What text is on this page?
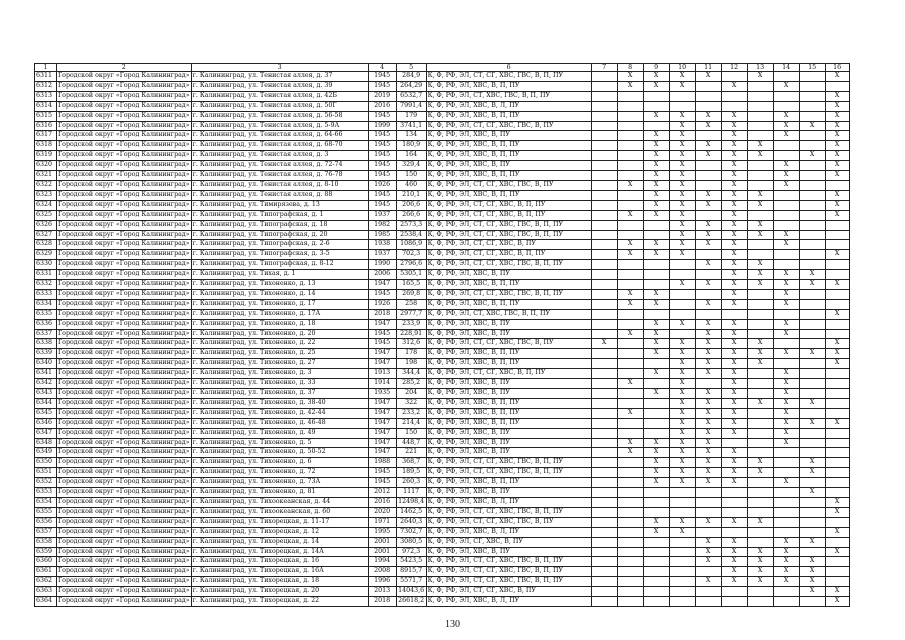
1	2	3	4	5	6	7	8	9	10	11	12	13	14	15	16
6311	Городской округ «Город Калининград»	г. Калининград, ул. Тенистая аллея, д. 37	1945	284,9	К, Ф, РФ, ЭЛ, СТ, СГ, ХВС, ГВС, В, П, ПУ		X	X	X	X		X			X
6312	Городской округ «Город Калининград»	г. Калининград, ул. Тенистая аллея, д. 39	1945	264,29	К, Ф, РФ, ЭЛ, ХВС, В, П, ПУ		X	X	X		X		X		
6313	Городской округ «Город Калининград»	г. Калининград, ул. Тенистая аллея, д. 42Б	2019	6532,7	К, Ф, РФ, ЭЛ, СТ, ХВС, ГВС, В, П, ПУ										X
6314	Городской округ «Город Калининград»	г. Калининград, ул. Тенистая аллея, д. 50Г	2016	7991,4	К, Ф, РФ, ЭЛ, ХВС, В, Л, ПУ										X
6315	Городской округ «Город Калининград»	г. Калининград, ул. Тенистая аллея, д. 56-58	1945	179	К, Ф, РФ, ЭЛ, ХВС, В, П, ПУ			X	X	X	X		X		X
6316	Городской округ «Город Калининград»	г. Калининград, ул. Тенистая аллея, д. 5-9А	1999	3741,1	К, Ф, РФ, ЭЛ, СТ, СГ, ХВС, ГВС, В, ПУ				X	X	X		X	X	X
6317	Городской округ «Город Калининград»	г. Калининград, ул. Тенистая аллея, д. 64-66	1945	134	К, Ф, РФ, ЭЛ, ХВС, В, ПУ			X	X		X		X		X
6318	Городской округ «Город Калининград»	г. Калининград, ул. Тенистая аллея, д. 68-70	1945	180,9	К, Ф, РФ, ЭЛ, ХВС, В, П, ПУ			X	X	X	X	X			X
6319	Городской округ «Город Калининград»	г. Калининград, ул. Тенистая аллея, д. 3	1945	164	К, Ф, РФ, ЭЛ, ХВС, В, П, ПУ			X	X	X	X	X		X	X
6320	Городской округ «Город Калининград»	г. Калининград, ул. Тенистая аллея, д. 72-74	1945	329,4	К, Ф, РФ, ЭЛ, ХВС, В, ПУ			X	X		X		X		X
6321	Городской округ «Город Калининград»	г. Калининград, ул. Тенистая аллея, д. 76-78	1945	150	К, Ф, РФ, ЭЛ, ХВС, В, П, ПУ			X	X		X		X		X
6322	Городской округ «Город Калининград»	г. Калининград, ул. Тенистая аллея, д. 8-10	1926	460	К, Ф, РФ, ЭЛ, СТ, СГ, ХВС, ГВС, В, ПУ		X	X	X		X		X		
6323	Городской округ «Город Калининград»	г. Калининград, ул. Тенистая аллея, д. 88	1945	210,1	К, Ф, РФ, ЭЛ, ХВС, В, П, ПУ			X	X	X	X	X			X
6324	Городской округ «Город Калининград»	г. Калининград, ул. Тимирязева, д. 13	1945	206,6	К, Ф, РФ, ЭЛ, СТ, СГ, ХВС, В, П, ПУ			X	X	X	X	X			X
6325	Городской округ «Город Калининград»	г. Калининград, ул. Типографская, д. 1	1937	266,6	К, Ф, РФ, ЭЛ, СТ, СГ, ХВС, В, П, ПУ		X	X	X		X				X
6326	Городской округ «Город Калининград»	г. Калининград, ул. Типографская, д. 18	1982	2573,3	К, Ф, РФ, ЭЛ, СТ, СГ, ХВС, ГВС, В, П, ПУ				X	X	X	X			
6327	Городской округ «Город Калининград»	г. Калининград, ул. Типографская, д. 20	1985	2538,4	К, Ф, РФ, ЭЛ, СТ, СГ, ХВС, ГВС, В, П, ПУ				X	X	X	X	X		
6328	Городской округ «Город Калининград»	г. Калининград, ул. Типографская, д. 2-6	1938	1086,9	К, Ф, РФ, ЭЛ, СТ, СГ, ХВС, В, ПУ		X	X	X	X	X		X		
6329	Городской округ «Город Калининград»	г. Калининград, ул. Типографская, д. 3-5	1937	702,3	К, Ф, РФ, ЭЛ, СТ, СГ, ХВС, В, П, ПУ		X	X	X		X				X
6330	Городской округ «Город Калининград»	г. Калининград, ул. Типографская, д. 8-12	1990	2796,6	К, Ф, РФ, ЭЛ, СТ, СГ, ХВС, ГВС, В, П, ПУ					X	X	X			
6331	Городской округ «Город Калининград»	г. Калининград, ул. Тихая, д. 1	2006	5305,1	К, Ф, РФ, ЭЛ, ХВС, В, ПУ						X	X	X	X	
6332	Городской округ «Город Калининград»	г. Калининград, ул. Тихоненко, д. 13	1947	165,5	К, Ф, РФ, ЭЛ, ХВС, В, П, ПУ				X	X	X	X	X	X	X
6333	Городской округ «Город Калининград»	г. Калининград, ул. Тихоненко, д. 14	1945	269,8	К, Ф, РФ, ЭЛ, СТ, СГ, ХВС, ГВС, В, П, ПУ		X	X			X		X		
6334	Городской округ «Город Калининград»	г. Калининград, ул. Тихоненко, д. 17	1926	258	К, Ф, РФ, ЭЛ, ХВС, В, П, ПУ		X	X		X	X		X		
6335	Городской округ «Город Калининград»	г. Калининград, ул. Тихоненко, д. 17А	2018	2977,7	К, Ф, РФ, ЭЛ, СТ, ХВС, ГВС, В, П, ПУ										X
6336	Городской округ «Город Калининград»	г. Калининград, ул. Тихоненко, д. 18	1947	233,9	К, Ф, РФ, ЭЛ, ХВС, В, ПУ			X	X	X	X		X		
6337	Городской округ «Город Калининград»	г. Калининград, ул. Тихоненко, д. 20	1945	228,91	К, Ф, РФ, ЭЛ, ХВС, В, ПУ		X	X		X	X		X		
6338	Городской округ «Город Калининград»	г. Калининград, ул. Тихоненко, д. 22	1945	312,6	К, Ф, РФ, ЭЛ, СТ, СГ, ХВС, ГВС, В, ПУ	X		X	X	X	X	X			X
6339	Городской округ «Город Калининград»	г. Калининград, ул. Тихоненко, д. 25	1947	178	К, Ф, РФ, ЭЛ, ХВС, В, П, ПУ			X	X	X	X	X	X	X	X
6340	Городской округ «Город Калининград»	г. Калининград, ул. Тихоненко, д. 27	1947	198	К, Ф, РФ, ЭЛ, ХВС, В, П, ПУ				X	X	X	X			X
6341	Городской округ «Город Калининград»	г. Калининград, ул. Тихоненко, д. 3	1913	344,4	К, Ф, РФ, ЭЛ, СТ, СГ, ХВС, В, П, ПУ			X	X	X	X		X		
6342	Городской округ «Город Калининград»	г. Калининград, ул. Тихоненко, д. 33	1914	285,2	К, Ф, РФ, ЭЛ, ХВС, В, ПУ		X		X		X		X		
6343	Городской округ «Город Калининград»	г. Калининград, ул. Тихоненко, д. 37	1935	204	К, Ф, РФ, ЭЛ, ХВС, В, ПУ			X	X	X	X		X		
6344	Городской округ «Город Калининград»	г. Калининград, ул. Тихоненко, д. 38-40	1947	322	К, Ф, РФ, ЭЛ, ХВС, В, П, ПУ				X	X	X	X	X	X	
6345	Городской округ «Город Калининград»	г. Калининград, ул. Тихоненко, д. 42-44	1947	233,2	К, Ф, РФ, ЭЛ, ХВС, В, П, ПУ		X		X	X	X		X		
6346	Городской округ «Город Калининград»	г. Калининград, ул. Тихоненко, д. 46-48	1947	214,4	К, Ф, РФ, ЭЛ, ХВС, В, П, ПУ				X	X	X		X	X	X
6347	Городской округ «Город Калининград»	г. Калининград, ул. Тихоненко, д. 49	1947	150	К, Ф, РФ, ЭЛ, ХВС, В, ПУ				X	X	X		X		
6348	Городской округ «Город Калининград»	г. Калининград, ул. Тихоненко, д. 5	1947	448,7	К, Ф, РФ, ЭЛ, ХВС, В, ПУ		X	X	X	X			X		
6349	Городской округ «Город Калининград»	г. Калининград, ул. Тихоненко, д. 50-52	1947	221	К, Ф, РФ, ЭЛ, ХВС, В, ПУ		X	X	X	X	X				
6350	Городской округ «Город Калининград»	г. Калининград, ул. Тихоненко, д. 6	1988	368,7	К, Ф, РФ, ЭЛ, СТ, СГ, ХВС, ГВС, В, П, ПУ			X	X	X	X	X		X	
6351	Городской округ «Город Калининград»	г. Калининград, ул. Тихоненко, д. 72	1945	189,5	К, Ф, РФ, ЭЛ, СТ, СГ, ХВС, ГВС, В, П, ПУ			X	X	X	X	X		X	
6352	Городской округ «Город Калининград»	г. Калининград, ул. Тихоненко, д. 73А	1945	260,3	К, Ф, РФ, ЭЛ, ХВС, В, П, ПУ			X	X	X	X		X		
6353	Городской округ «Город Калининград»	г. Калининград, ул. Тихоненко, д. 81	2012	1117	К, Ф, РФ, ЭЛ, ХВС, В, ПУ									X	
6354	Городской округ «Город Калининград»	г. Калининград, ул. Тихоокеанская, д. 44	2016	12498,4	К, Ф, РФ, ЭЛ, ХВС, В, Л, ПУ										X
6355	Городской округ «Город Калининград»	г. Калининград, ул. Тихоокеанская, д. 60	2020	1462,5	К, Ф, РФ, ЭЛ, СТ, СГ, ХВС, ГВС, В, П, ПУ										X
6356	Городской округ «Город Калининград»	г. Калининград, ул. Тихорецкая, д. 11-17	1971	2640,3	К, Ф, РФ, ЭЛ, СТ, СГ, ХВС, ГВС, В, ПУ			X	X	X	X	X			
6357	Городской округ «Город Калининград»	г. Калининград, ул. Тихорецкая, д. 12	1995	7302,7	К, Ф, РФ, ЭЛ, ХВС, В, Л, ПУ			X	X						X
6358	Городской округ «Город Калининград»	г. Калининград, ул. Тихорецкая, д. 14	2001	3080,5	К, Ф, РФ, ЭЛ, СГ, ХВС, В, ПУ					X	X		X	X	
6359	Городской округ «Город Калининград»	г. Калининград, ул. Тихорецкая, д. 14А	2001	972,3	К, Ф, РФ, ЭЛ, ХВС, В, ПУ					X	X	X	X		X
6360	Городской округ «Город Калининград»	г. Калининград, ул. Тихорецкая, д. 16	1994	5423,5	К, Ф, РФ, ЭЛ, СТ, СГ, ХВС, ГВС, В, П, ПУ					X	X	X	X	X	
6361	Городской округ «Город Калининград»	г. Калининград, ул. Тихорецкая, д. 16А	2008	8915,7	К, Ф, РФ, ЭЛ, СТ, СГ, ХВС, ГВС, В, П, ПУ						X	X	X	X	
6362	Городской округ «Город Калининград»	г. Калининград, ул. Тихорецкая, д. 18	1996	5571,7	К, Ф, РФ, ЭЛ, СТ, СГ, ХВС, ГВС, В, П, ПУ					X	X	X	X	X	
6363	Городской округ «Город Калининград»	г. Калининград, ул. Тихорецкая, д. 20	2013	14043,6	К, Ф, РФ, ЭЛ, СТ, СГ, ХВС, В, ПУ									X	X
6364	Городской округ «Город Калининград»	г. Калининград, ул. Тихорецкая, д. 22	2018	26618,2	К, Ф, РФ, ЭЛ, ХВС, В, Л, ПУ										X
130
